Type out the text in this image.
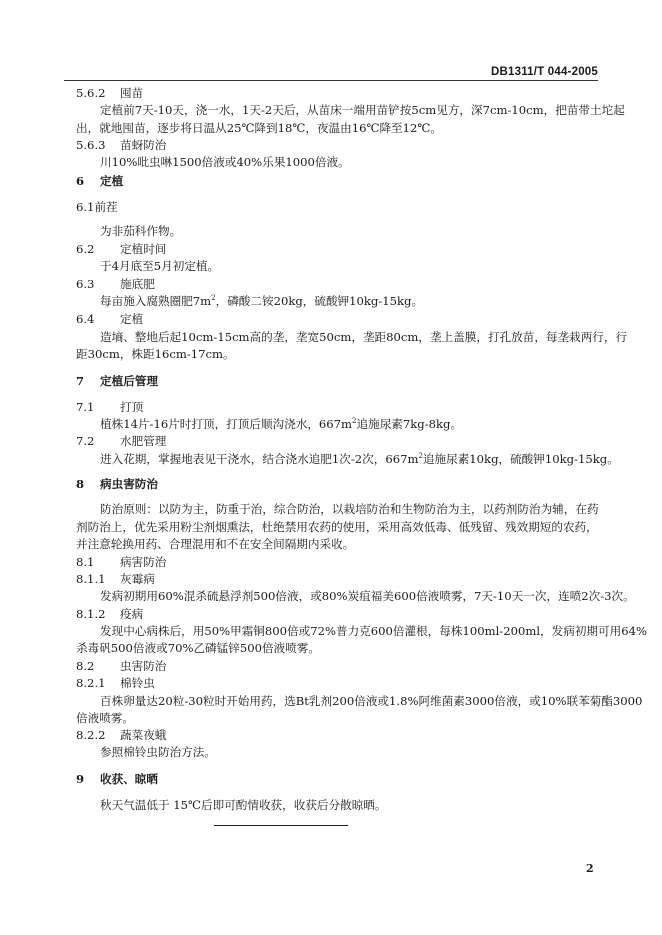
DB1311/T 044-2005
5.6.2 囤苗
定植前7天-10天，浇一水，1天-2天后，从苗床一端用苗铲按5cm见方，深7cm-10cm，把苗带土坨起
出，就地囤苗，逐步将日温从25℃降到18℃，夜温由16℃降至12℃。
5.6.3 苗蚜防治
川10%吡虫啉1500倍液或40%乐果1000倍液。
6 定植
6.1前茬
为非茄科作物。
6.2 定植时间
于4月底至5月初定植。
6.3 施底肥
每亩施入腐熟圈肥$7m^2$，磷酸二铵20kg，硫酸钾10kg-15kg。
6.4 定植
造墒、整地后起10cm-15cm高的垄，垄宽50cm，垄距80cm，垄上盖膜，打孔放苗，每垄栽两行，行
距30cm，株距16cm-17cm。
7 定植后管理
7.1 打顶
植株14片-16片时打顶，打顶后顺沟浇水，$667m^2$追施尿素7kg-8kg。
7.2 水肥管理
进入花期，掌握地表见干浇水，结合浇水追肥1次-2次，$667m^2$追施尿素10kg，硫酸钾10kg-15kg。
8 病虫害防治
防治原则：以防为主，防重于治，综合防治，以栽培防治和生物防治为主，以药剂防治为辅，在药
剂防治上，优先采用粉尘剂烟熏法，杜绝禁用农药的使用，采用高效低毒、低残留、残效期短的农药，
并注意轮换用药、合理混用和不在安全间隔期内采收。
8.1 病害防治
8.1.1 灰霉病
发病初期用60%混杀硫悬浮剂500倍液，或80%炭疽福美600倍液喷雾，7天-10天一次，连喷2次-3次。
8.1.2 疫病
发现中心病株后，用50%甲霜铜800倍或72%普力克600倍灌根，每株100ml-200ml，发病初期可用64%
杀毒矾500倍液或70%乙磷锰锌500倍液喷雾。
8.2 虫害防治
8.2.1 棉铃虫
百株卵量达20粒-30粒时开始用药，选Bt乳剂200倍液或1.8%阿维菌素3000倍液，或10%联苯菊酯3000
倍液喷雾。
8.2.2 蔬菜夜蛾
参照棉铃虫防治方法。
9 收获、晾晒
秋天气温低于 15℃后即可酌情收获，收获后分散晾晒。
2
